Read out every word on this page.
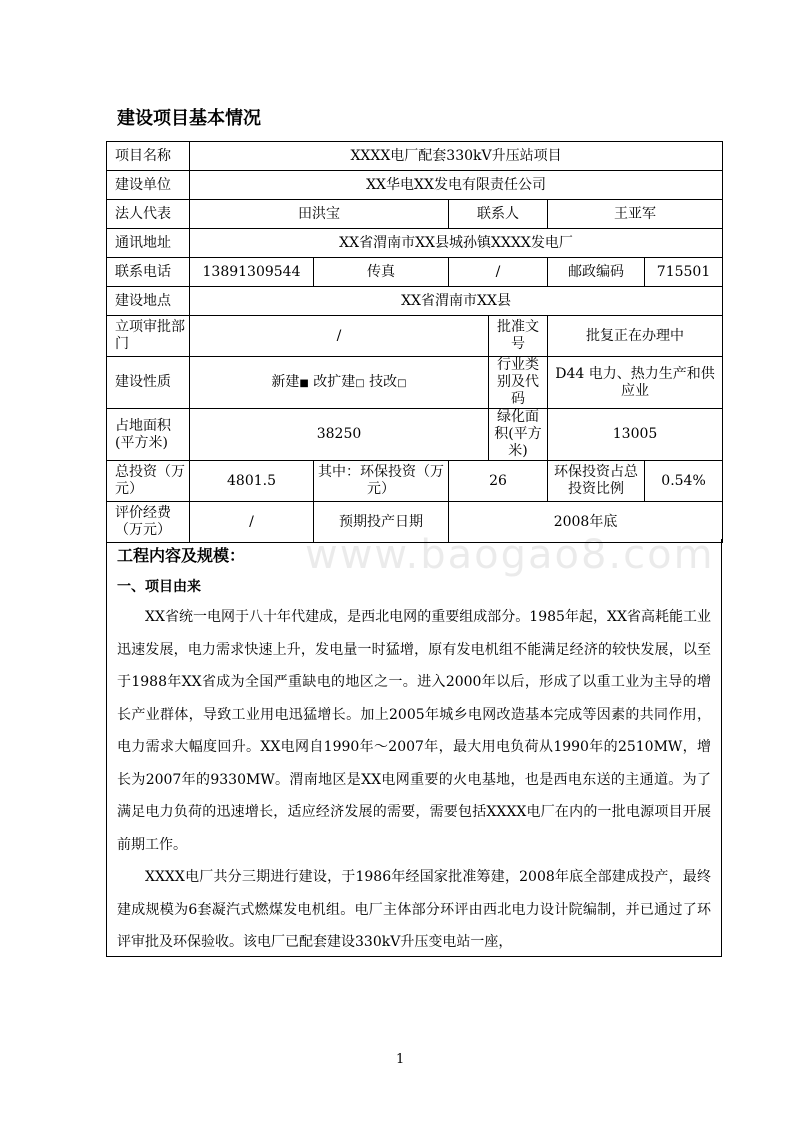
建设项目基本情况
项目名称	XXXX电厂配套330kV升压站项目					
建设单位	XX华电XX发电有限责任公司					
法人代表	田洪宝		联系人		王亚军	
通讯地址	XX省渭南市XX县城孙镇XXXX发电厂					
联系电话	13891309544	传真	/		邮政编码	715501
建设地点	XX省渭南市XX县					
立项审批部门	/			批准文号	批复正在办理中	
建设性质	新建■ 改扩建□ 技改□			行业类别及代码	D44 电力、热力生产和供应业	
占地面积(平方米)	38250			绿化面积(平方米)	13005	
总投资（万元）	4801.5	其中：环保投资（万元）	26		环保投资占总投资比例	0.54%
评价经费（万元）	/	预期投产日期	2008年底			
工程内容及规模：
一、项目由来

XX省统一电网于八十年代建成，是西北电网的重要组成部分。1985年起，XX省高耗能工业迅速发展，电力需求快速上升，发电量一时猛增，原有发电机组不能满足经济的较快发展，以至于1988年XX省成为全国严重缺电的地区之一。进入2000年以后，形成了以重工业为主导的增长产业群体，导致工业用电迅猛增长。加上2005年城乡电网改造基本完成等因素的共同作用，电力需求大幅度回升。XX电网自1990年～2007年，最大用电负荷从1990年的2510MW，增长为2007年的9330MW。渭南地区是XX电网重要的火电基地，也是西电东送的主通道。为了满足电力负荷的迅速增长，适应经济发展的需要，需要包括XXXX电厂在内的一批电源项目开展前期工作。

XXXX电厂共分三期进行建设，于1986年经国家批准筹建，2008年底全部建成投产，最终建成规模为6套凝汽式燃煤发电机组。电厂主体部分环评由西北电力设计院编制，并已通过了环评审批及环保验收。该电厂已配套建设330kV升压变电站一座，

www.baogao8.com
1
